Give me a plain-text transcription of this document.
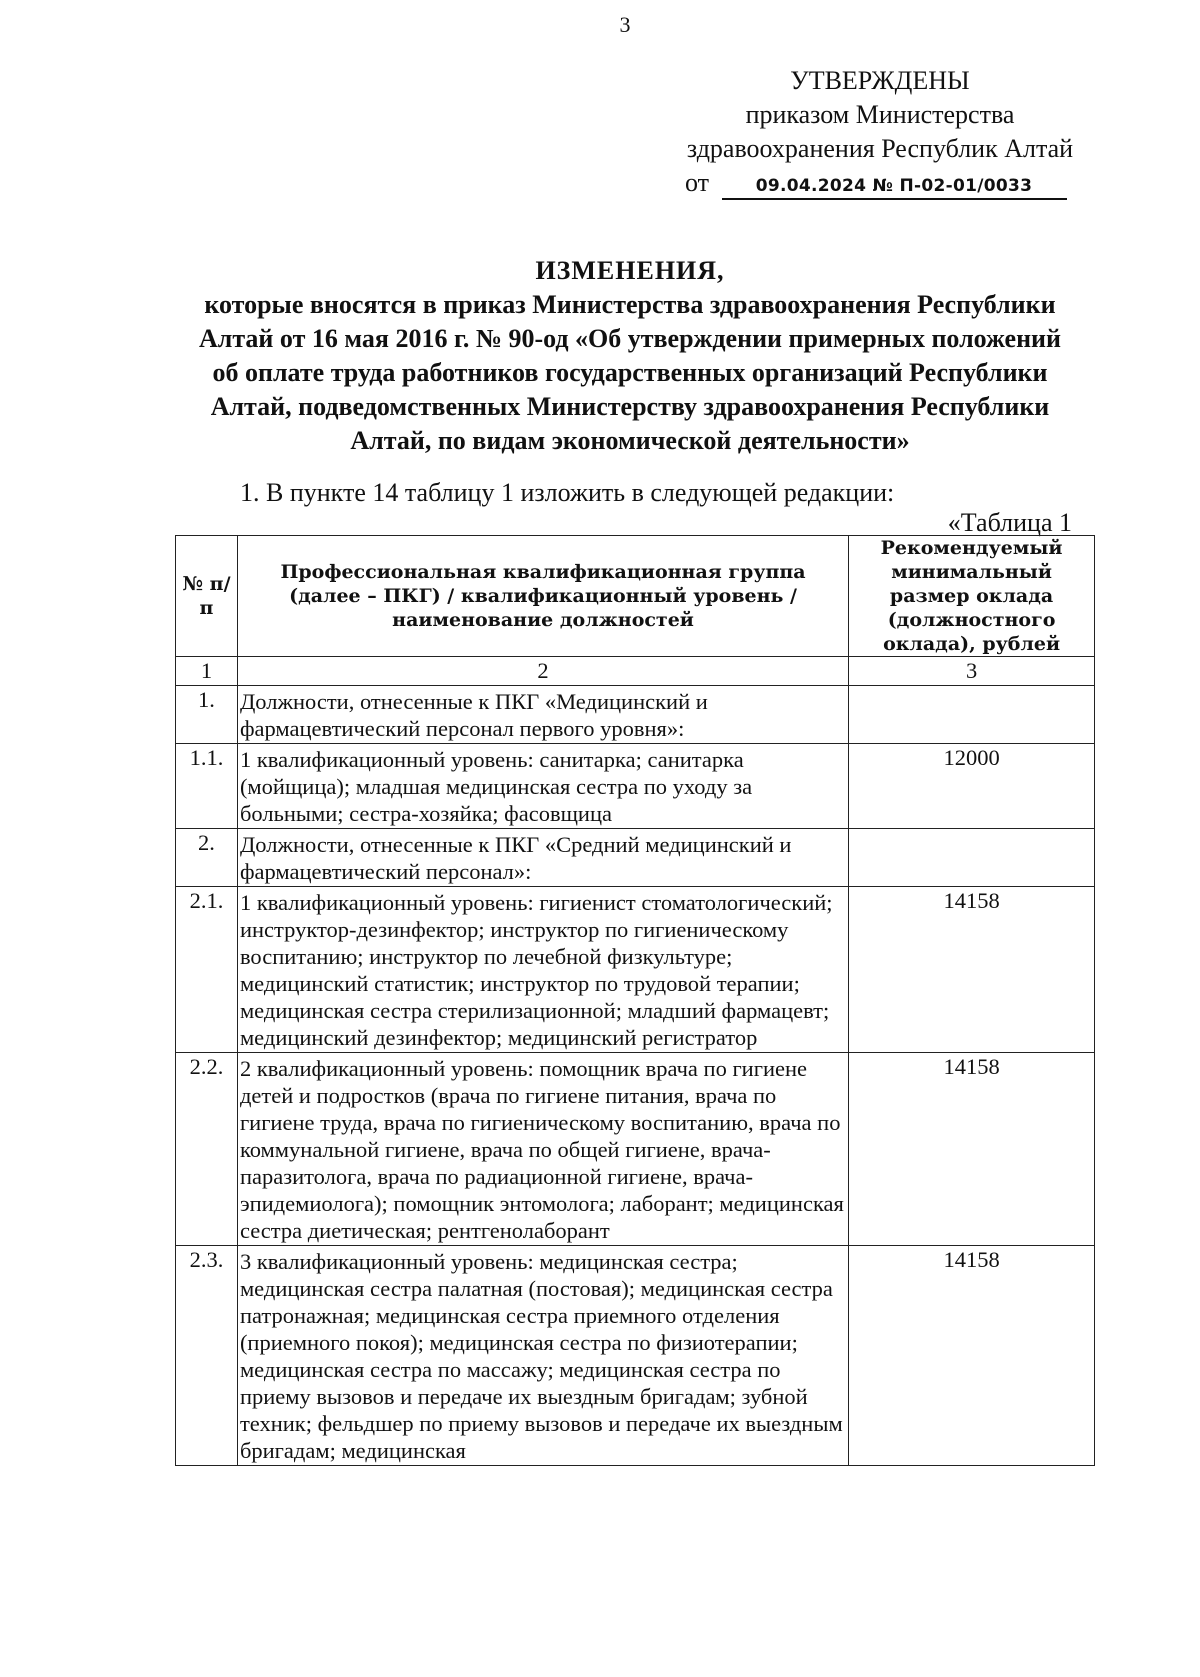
3
УТВЕРЖДЕНЫ
приказом Министерства
здравоохранения Республик Алтай
от	09.04.2024 № П-02-01/0033
ИЗМЕНЕНИЯ,
которые вносятся в приказ Министерства здравоохранения Республики
Алтай от 16 мая 2016 г. № 90-од «Об утверждении примерных положений
об оплате труда работников государственных организаций Республики
Алтай, подведомственных Министерству здравоохранения Республики
Алтай, по видам экономической деятельности»
1. В пункте 14 таблицу 1 изложить в следующей редакции:
«Таблица 1
№ п/п	Профессиональная квалификационная группа (далее – ПКГ) / квалификационный уровень / наименование должностей	Рекомендуемый минимальный размер оклада (должностного оклада), рублей
1	2	3
1.	Должности, отнесенные к ПКГ «Медицинский и фармацевтический персонал первого уровня»:	
1.1.	1 квалификационный уровень: санитарка; санитарка (мойщица); младшая медицинская сестра по уходу за больными; сестра-хозяйка; фасовщица	12000
2.	Должности, отнесенные к ПКГ «Средний медицинский и фармацевтический персонал»:	
2.1.	1 квалификационный уровень: гигиенист стоматологический; инструктор-дезинфектор; инструктор по гигиеническому воспитанию; инструктор по лечебной физкультуре; медицинский статистик; инструктор по трудовой терапии; медицинская сестра стерилизационной; младший фармацевт; медицинский дезинфектор; медицинский регистратор	14158
2.2.	2 квалификационный уровень: помощник врача по гигиене детей и подростков (врача по гигиене питания, врача по гигиене труда, врача по гигиеническому воспитанию, врача по коммунальной гигиене, врача по общей гигиене, врача-паразитолога, врача по радиационной гигиене, врача-эпидемиолога); помощник энтомолога; лаборант; медицинская сестра диетическая; рентгенолаборант	14158
2.3.	3 квалификационный уровень: медицинская сестра; медицинская сестра палатная (постовая); медицинская сестра патронажная; медицинская сестра приемного отделения (приемного покоя); медицинская сестра по физиотерапии; медицинская сестра по массажу; медицинская сестра по приему вызовов и передаче их выездным бригадам; зубной техник; фельдшер по приему вызовов и передаче их выездным бригадам; медицинская	14158
